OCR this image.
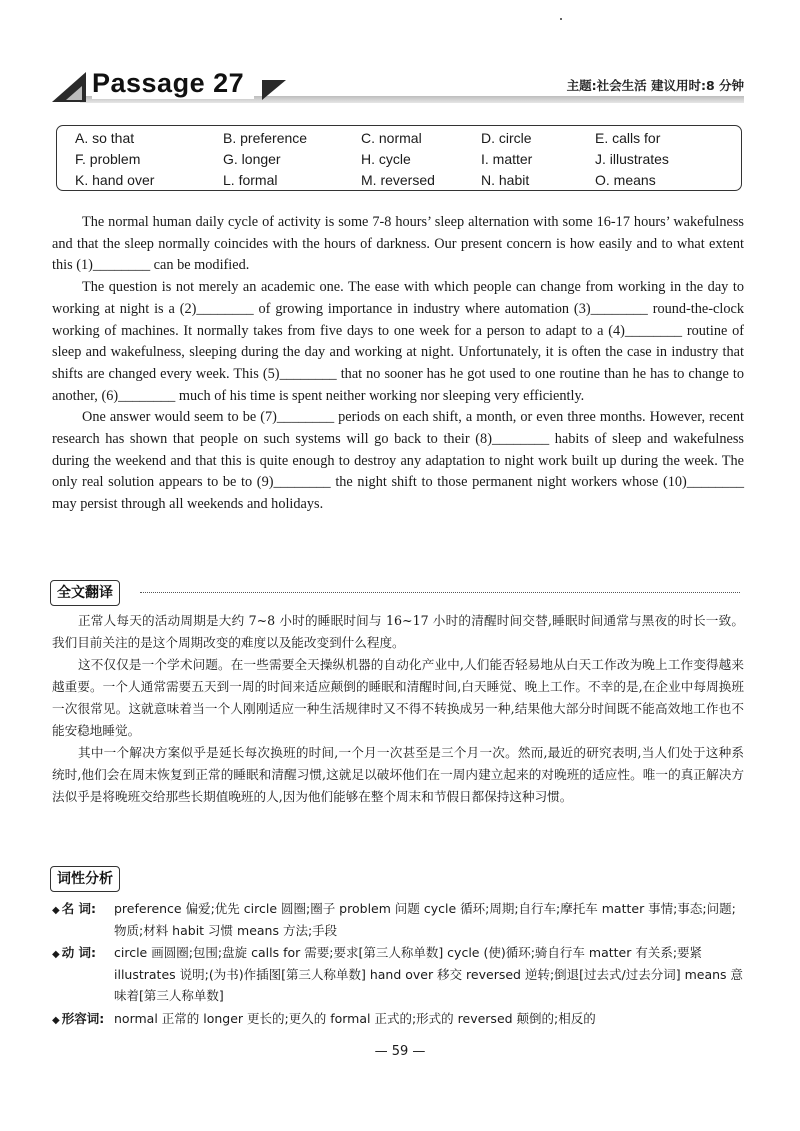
Passage 27	主题:社会生活 建议用时:8 分钟
A. so that	B. preference	C. normal	D. circle	E. calls for
F. problem	G. longer	H. cycle	I. matter	J. illustrates
K. hand over	L. formal	M. reversed	N. habit	O. means

The normal human daily cycle of activity is some 7-8 hours’ sleep alternation with some 16-17 hours’ wakefulness and that the sleep normally coincides with the hours of darkness. Our present concern is how easily and to what extent this (1)________ can be modified.

The question is not merely an academic one. The ease with which people can change from working in the day to working at night is a (2)________ of growing importance in industry where automation (3)________ round-the-clock working of machines. It normally takes from five days to one week for a person to adapt to a (4)________ routine of sleep and wakefulness, sleeping during the day and working at night. Unfortunately, it is often the case in industry that shifts are changed every week. This (5)________ that no sooner has he got used to one routine than he has to change to another, (6)________ much of his time is spent neither working nor sleeping very efficiently.

One answer would seem to be (7)________ periods on each shift, a month, or even three months. However, recent research has shown that people on such systems will go back to their (8)________ habits of sleep and wakefulness during the weekend and that this is quite enough to destroy any adaptation to night work built up during the week. The only real solution appears to be to (9)________ the night shift to those permanent night workers whose (10)________ may persist through all weekends and holidays.

全文翻译

正常人每天的活动周期是大约 7~8 小时的睡眠时间与 16~17 小时的清醒时间交替,睡眠时间通常与黑夜的时长一致。我们目前关注的是这个周期改变的难度以及能改变到什么程度。

这不仅仅是一个学术问题。在一些需要全天操纵机器的自动化产业中,人们能否轻易地从白天工作改为晚上工作变得越来越重要。一个人通常需要五天到一周的时间来适应颠倒的睡眠和清醒时间,白天睡觉、晚上工作。不幸的是,在企业中每周换班一次很常见。这就意味着当一个人刚刚适应一种生活规律时又不得不转换成另一种,结果他大部分时间既不能高效地工作也不能安稳地睡觉。

其中一个解决方案似乎是延长每次换班的时间,一个月一次甚至是三个月一次。然而,最近的研究表明,当人们处于这种系统时,他们会在周末恢复到正常的睡眠和清醒习惯,这就足以破坏他们在一周内建立起来的对晚班的适应性。唯一的真正解决方法似乎是将晚班交给那些长期值晚班的人,因为他们能够在整个周末和节假日都保持这种习惯。

词性分析
◆ 名 词: preference 偏爱;优先 circle 圆圈;圈子 problem 问题 cycle 循环;周期;自行车;摩托车 matter 事情;事态;问题;物质;材料 habit 习惯 means 方法;手段
◆ 动 词: circle 画圆圈;包围;盘旋 calls for 需要;要求[第三人称单数] cycle (使)循环;骑自行车 matter 有关系;要紧 illustrates 说明;(为书)作插图[第三人称单数] hand over 移交 reversed 逆转;倒退[过去式/过去分词] means 意味着[第三人称单数]
◆ 形容词: normal 正常的 longer 更长的;更久的 formal 正式的;形式的 reversed 颠倒的;相反的
— 59 —
